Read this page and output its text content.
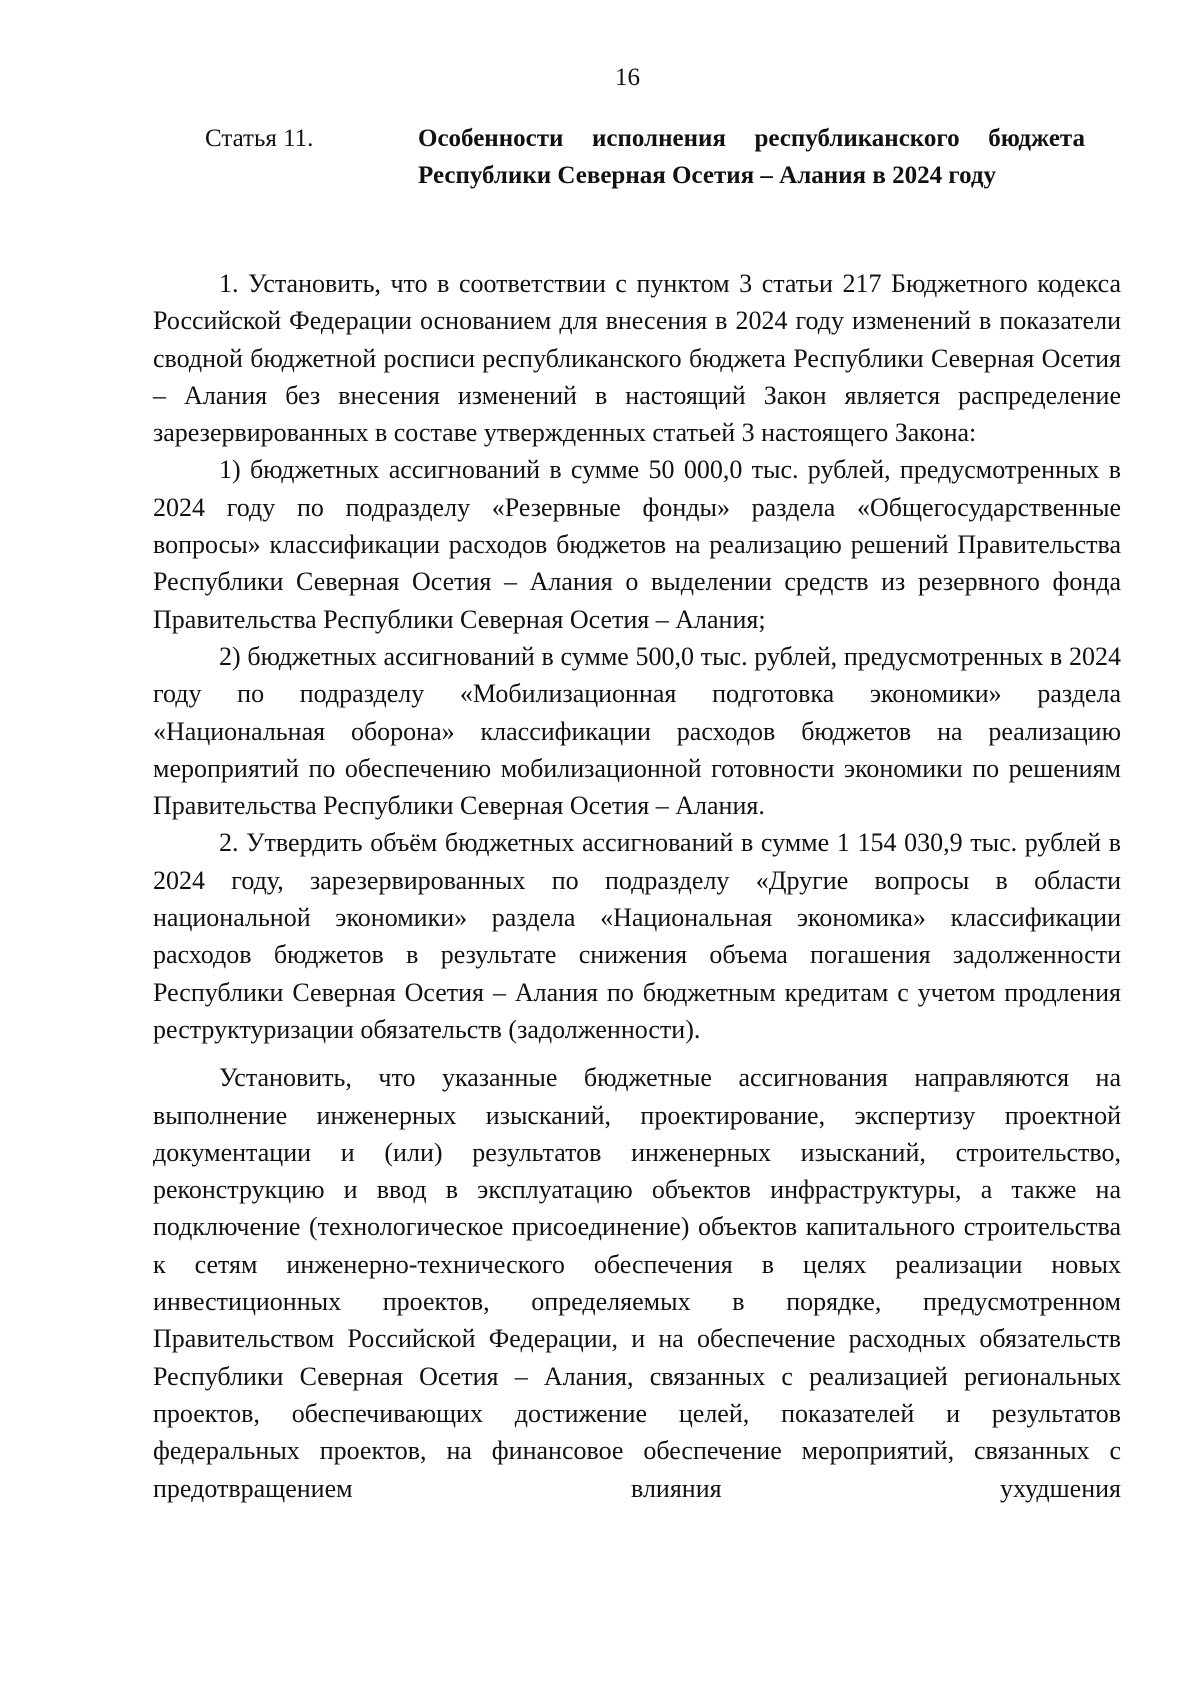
16
Статья 11.	Особенности исполнения республиканского бюджета Республики Северная Осетия – Алания в 2024 году

1. Установить, что в соответствии с пунктом 3 статьи 217 Бюджетного кодекса Российской Федерации основанием для внесения в 2024 году изменений в показатели сводной бюджетной росписи республиканского бюджета Республики Северная Осетия – Алания без внесения изменений в настоящий Закон является распределение зарезервированных в составе утвержденных статьей 3 настоящего Закона:

1) бюджетных ассигнований в сумме 50 000,0 тыс. рублей, предусмотренных в 2024 году по подразделу «Резервные фонды» раздела «Общегосударственные вопросы» классификации расходов бюджетов на реализацию решений Правительства Республики Северная Осетия – Алания о выделении средств из резервного фонда Правительства Республики Северная Осетия – Алания;

2) бюджетных ассигнований в сумме 500,0 тыс. рублей, предусмотренных в 2024 году по подразделу «Мобилизационная подготовка экономики» раздела «Национальная оборона» классификации расходов бюджетов на реализацию мероприятий по обеспечению мобилизационной готовности экономики по решениям Правительства Республики Северная Осетия – Алания.

2. Утвердить объём бюджетных ассигнований в сумме 1 154 030,9 тыс. рублей в 2024 году, зарезервированных по подразделу «Другие вопросы в области национальной экономики» раздела «Национальная экономика» классификации расходов бюджетов в результате снижения объема погашения задолженности Республики Северная Осетия – Алания по бюджетным кредитам с учетом продления реструктуризации обязательств (задолженности).

Установить, что указанные бюджетные ассигнования направляются на выполнение инженерных изысканий, проектирование, экспертизу проектной документации и (или) результатов инженерных изысканий, строительство, реконструкцию и ввод в эксплуатацию объектов инфраструктуры, а также на подключение (технологическое присоединение) объектов капитального строительства к сетям инженерно-технического обеспечения в целях реализации новых инвестиционных проектов, определяемых в порядке, предусмотренном Правительством Российской Федерации, и на обеспечение расходных обязательств Республики Северная Осетия – Алания, связанных с реализацией региональных проектов, обеспечивающих достижение целей, показателей и результатов федеральных проектов, на финансовое обеспечение мероприятий, связанных с предотвращением влияния ухудшения
